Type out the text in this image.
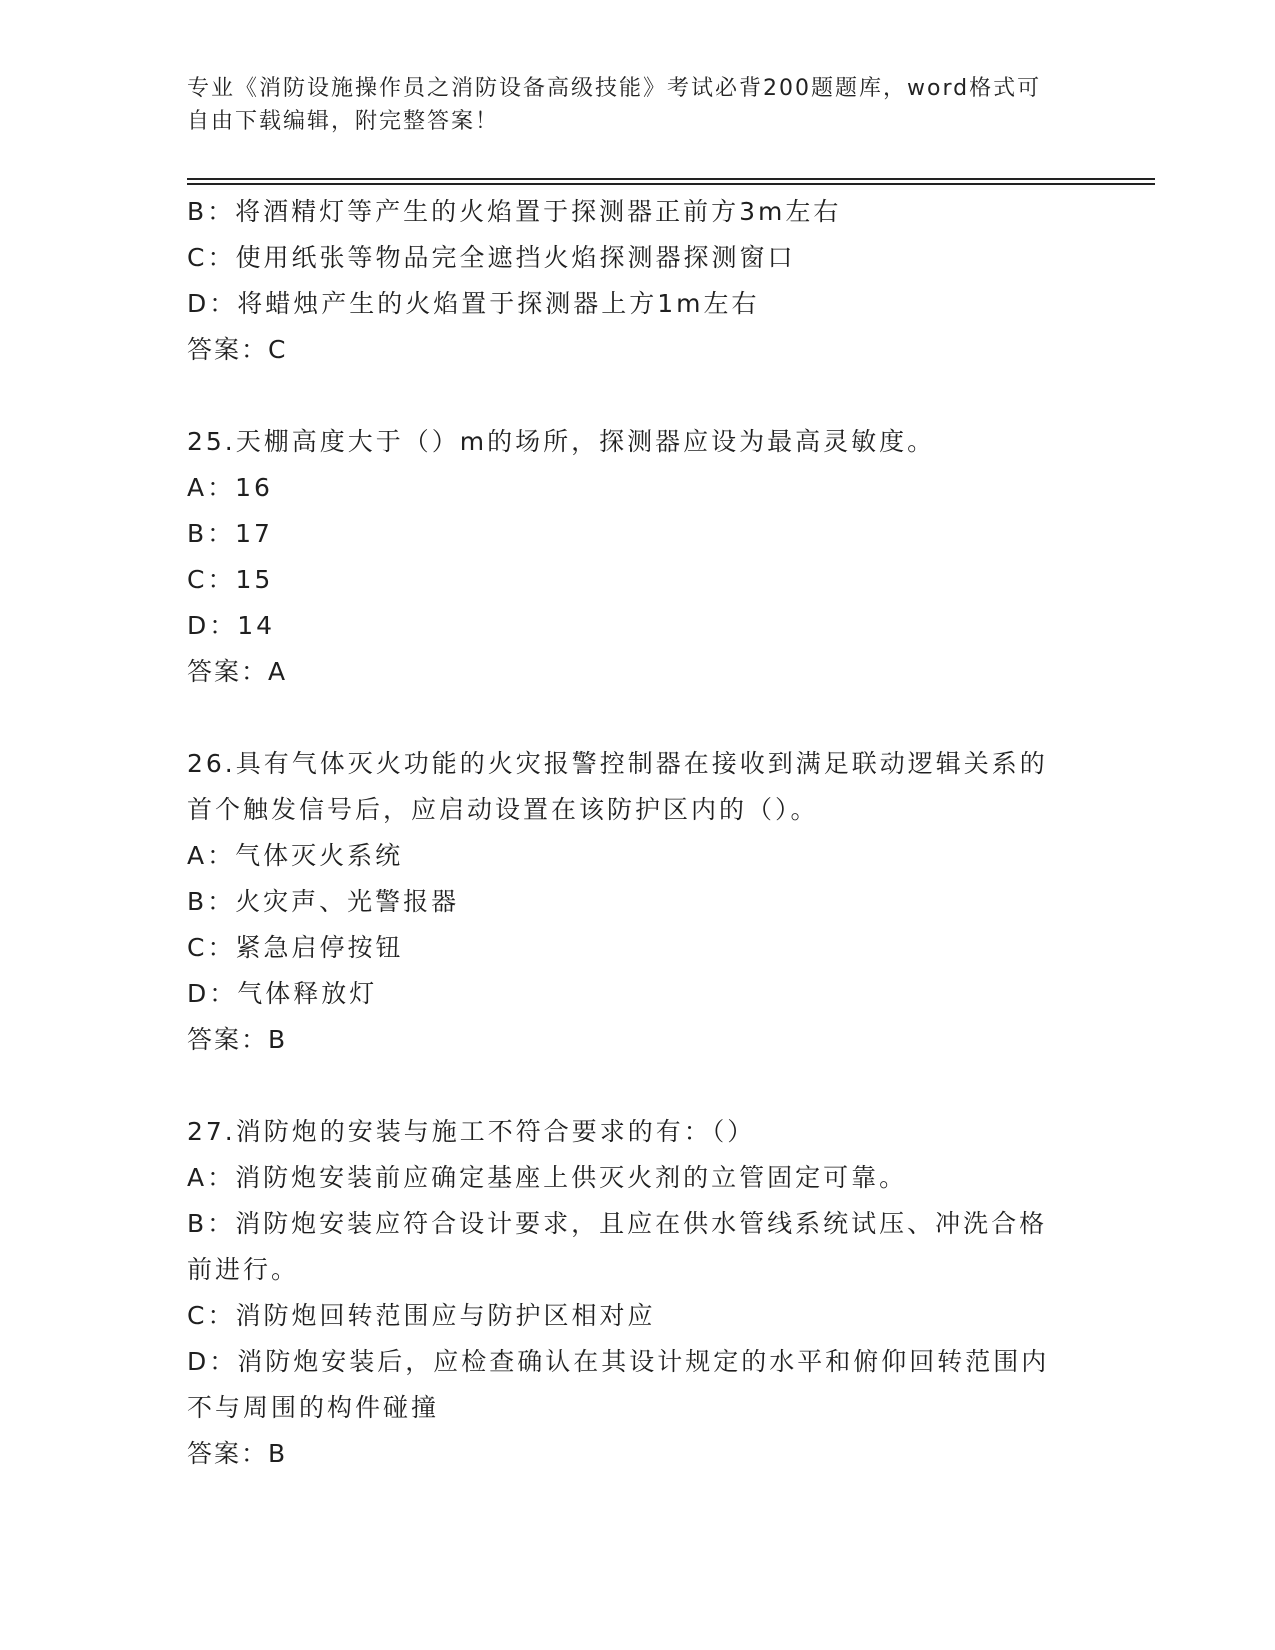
专业《消防设施操作员之消防设备高级技能》考试必背200题题库，word格式可
自由下载编辑，附完整答案！
B：将酒精灯等产生的火焰置于探测器正前方3m左右
C：使用纸张等物品完全遮挡火焰探测器探测窗口
D：将蜡烛产生的火焰置于探测器上方1m左右
答案：C
25.天棚高度大于（）m的场所，探测器应设为最高灵敏度。
A：16
B：17
C：15
D：14
答案：A
26.具有气体灭火功能的火灾报警控制器在接收到满足联动逻辑关系的
首个触发信号后，应启动设置在该防护区内的（）。
A：气体灭火系统
B：火灾声、光警报器
C：紧急启停按钮
D：气体释放灯
答案：B
27.消防炮的安装与施工不符合要求的有：（）
A：消防炮安装前应确定基座上供灭火剂的立管固定可靠。
B：消防炮安装应符合设计要求，且应在供水管线系统试压、冲洗合格
前进行。
C：消防炮回转范围应与防护区相对应
D：消防炮安装后，应检查确认在其设计规定的水平和俯仰回转范围内
不与周围的构件碰撞
答案：B
